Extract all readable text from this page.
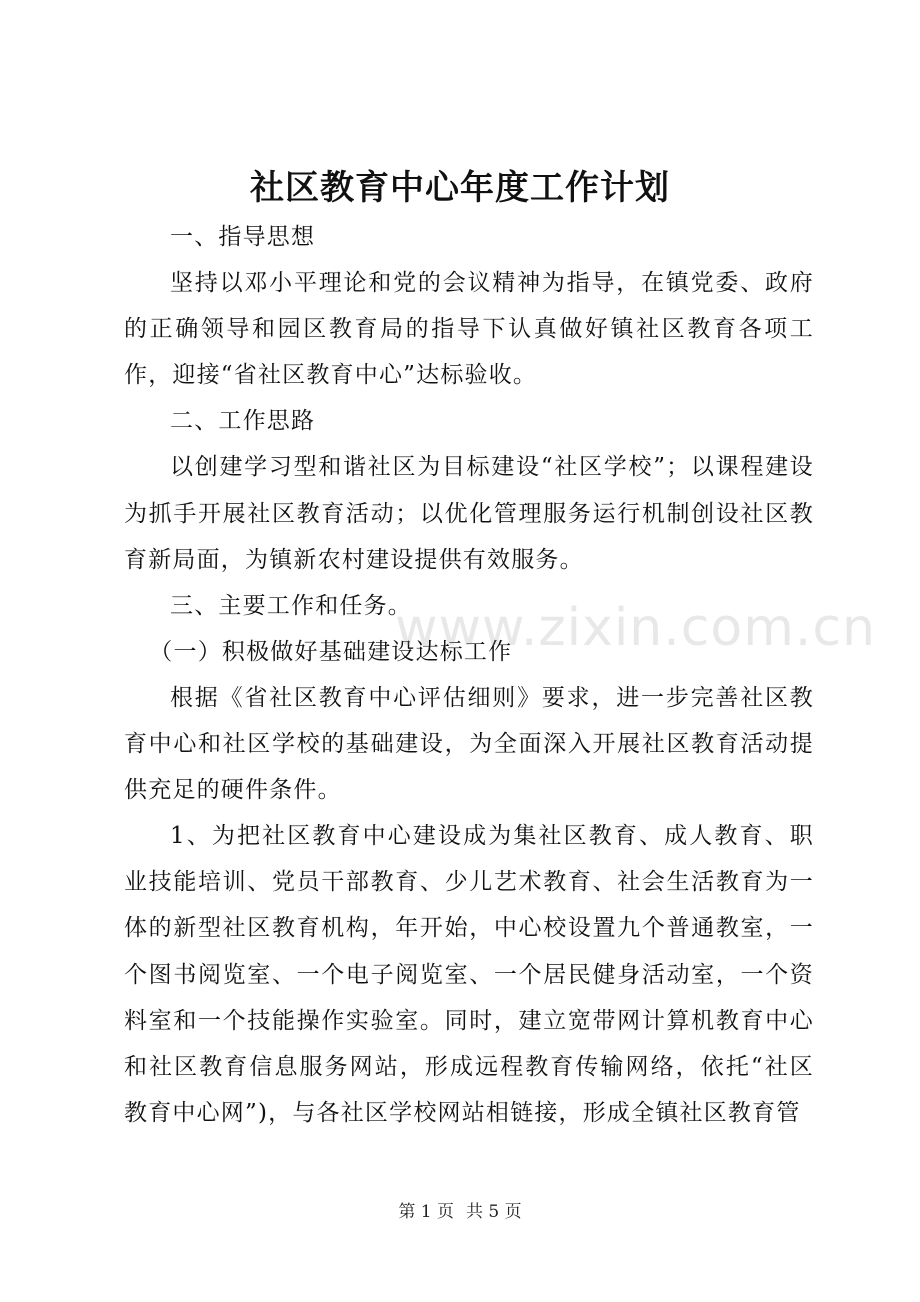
社区教育中心年度工作计划

一、指导思想

坚持以邓小平理论和党的会议精神为指导，在镇党委、政府的正确领导和园区教育局的指导下认真做好镇社区教育各项工作，迎接“省社区教育中心”达标验收。

二、工作思路

以创建学习型和谐社区为目标建设“社区学校”；以课程建设为抓手开展社区教育活动；以优化管理服务运行机制创设社区教育新局面，为镇新农村建设提供有效服务。

三、主要工作和任务。

（一）积极做好基础建设达标工作

根据《省社区教育中心评估细则》要求，进一步完善社区教育中心和社区学校的基础建设，为全面深入开展社区教育活动提供充足的硬件条件。

1、为把社区教育中心建设成为集社区教育、成人教育、职业技能培训、党员干部教育、少儿艺术教育、社会生活教育为一体的新型社区教育机构，年开始，中心校设置九个普通教室，一个图书阅览室、一个电子阅览室、一个居民健身活动室，一个资料室和一个技能操作实验室。同时，建立宽带网计算机教育中心和社区教育信息服务网站，形成远程教育传输网络，依托“社区教育中心网”)，与各社区学校网站相链接，形成全镇社区教育管

www.zixin.com.cn
第 1 页 共 5 页
